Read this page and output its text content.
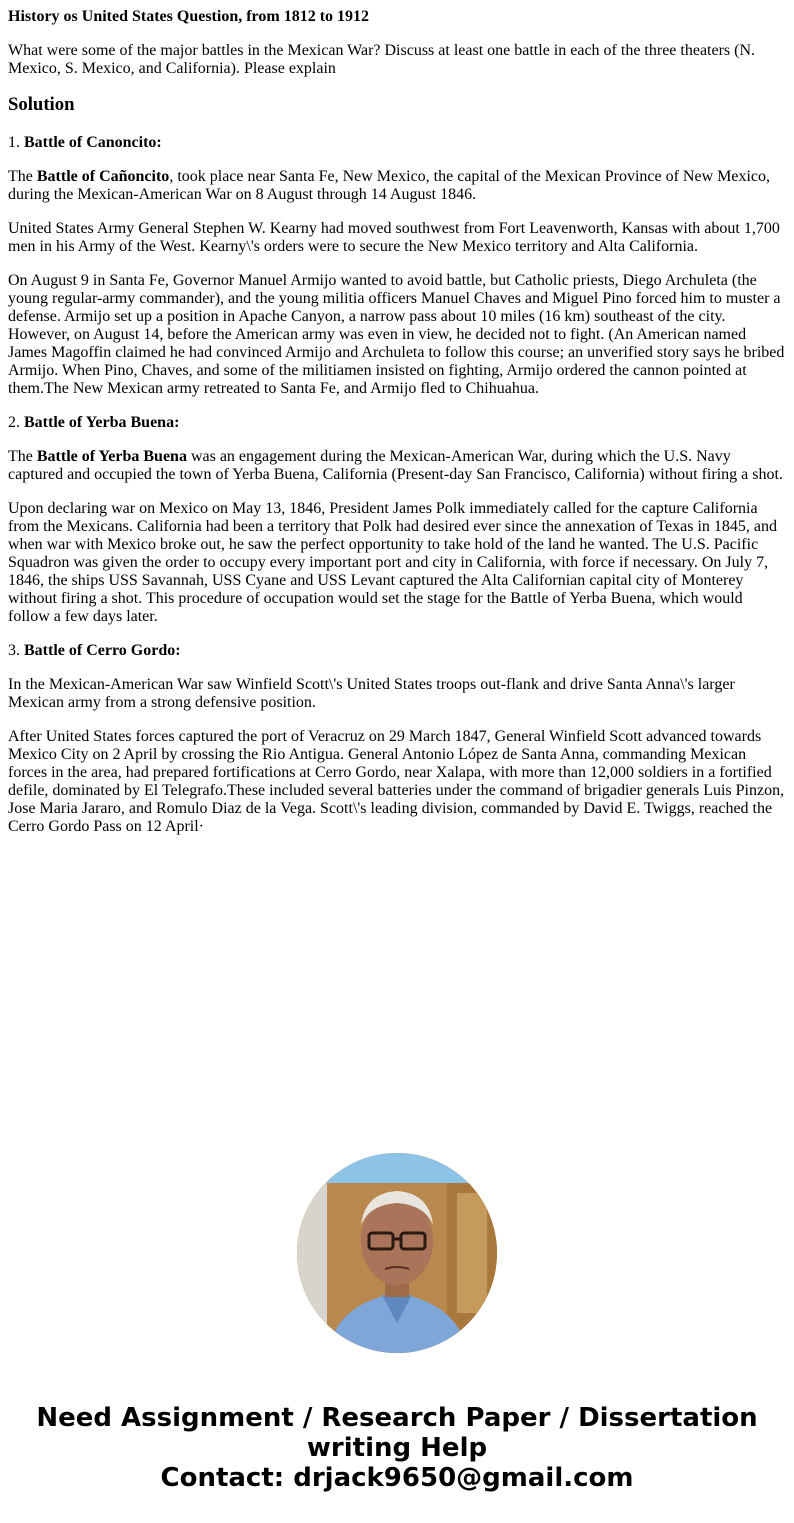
History os United States Question, from 1812 to 1912

What were some of the major battles in the Mexican War? Discuss at least one battle in each of the three theaters (N. Mexico, S. Mexico, and California). Please explain

Solution

1. Battle of Canoncito:

The Battle of Cañoncito, took place near Santa Fe, New Mexico, the capital of the Mexican Province of New Mexico, during the Mexican-American War on 8 August through 14 August 1846.

United States Army General Stephen W. Kearny had moved southwest from Fort Leavenworth, Kansas with about 1,700 men in his Army of the West. Kearny\'s orders were to secure the New Mexico territory and Alta California.

On August 9 in Santa Fe, Governor Manuel Armijo wanted to avoid battle, but Catholic priests, Diego Archuleta (the young regular-army commander), and the young militia officers Manuel Chaves and Miguel Pino forced him to muster a defense. Armijo set up a position in Apache Canyon, a narrow pass about 10 miles (16 km) southeast of the city. However, on August 14, before the American army was even in view, he decided not to fight. (An American named James Magoffin claimed he had convinced Armijo and Archuleta to follow this course; an unverified story says he bribed Armijo. When Pino, Chaves, and some of the militiamen insisted on fighting, Armijo ordered the cannon pointed at them.The New Mexican army retreated to Santa Fe, and Armijo fled to Chihuahua.

2. Battle of Yerba Buena:

The Battle of Yerba Buena was an engagement during the Mexican-American War, during which the U.S. Navy captured and occupied the town of Yerba Buena, California (Present-day San Francisco, California) without firing a shot.

Upon declaring war on Mexico on May 13, 1846, President James Polk immediately called for the capture California from the Mexicans. California had been a territory that Polk had desired ever since the annexation of Texas in 1845, and when war with Mexico broke out, he saw the perfect opportunity to take hold of the land he wanted. The U.S. Pacific Squadron was given the order to occupy every important port and city in California, with force if necessary. On July 7, 1846, the ships USS Savannah, USS Cyane and USS Levant captured the Alta Californian capital city of Monterey without firing a shot. This procedure of occupation would set the stage for the Battle of Yerba Buena, which would follow a few days later.

3. Battle of Cerro Gordo:

In the Mexican-American War saw Winfield Scott\'s United States troops out-flank and drive Santa Anna\'s larger Mexican army from a strong defensive position.

After United States forces captured the port of Veracruz on 29 March 1847, General Winfield Scott advanced towards Mexico City on 2 April by crossing the Rio Antigua. General Antonio López de Santa Anna, commanding Mexican forces in the area, had prepared fortifications at Cerro Gordo, near Xalapa, with more than 12,000 soldiers in a fortified defile, dominated by El Telegrafo.These included several batteries under the command of brigadier generals Luis Pinzon, Jose Maria Jararo, and Romulo Diaz de la Vega. Scott\'s leading division, commanded by David E. Twiggs, reached the Cerro Gordo Pass on 12 April·

Need Assignment / Research Paper / Dissertation
writing Help
Contact: drjack9650@gmail.com
